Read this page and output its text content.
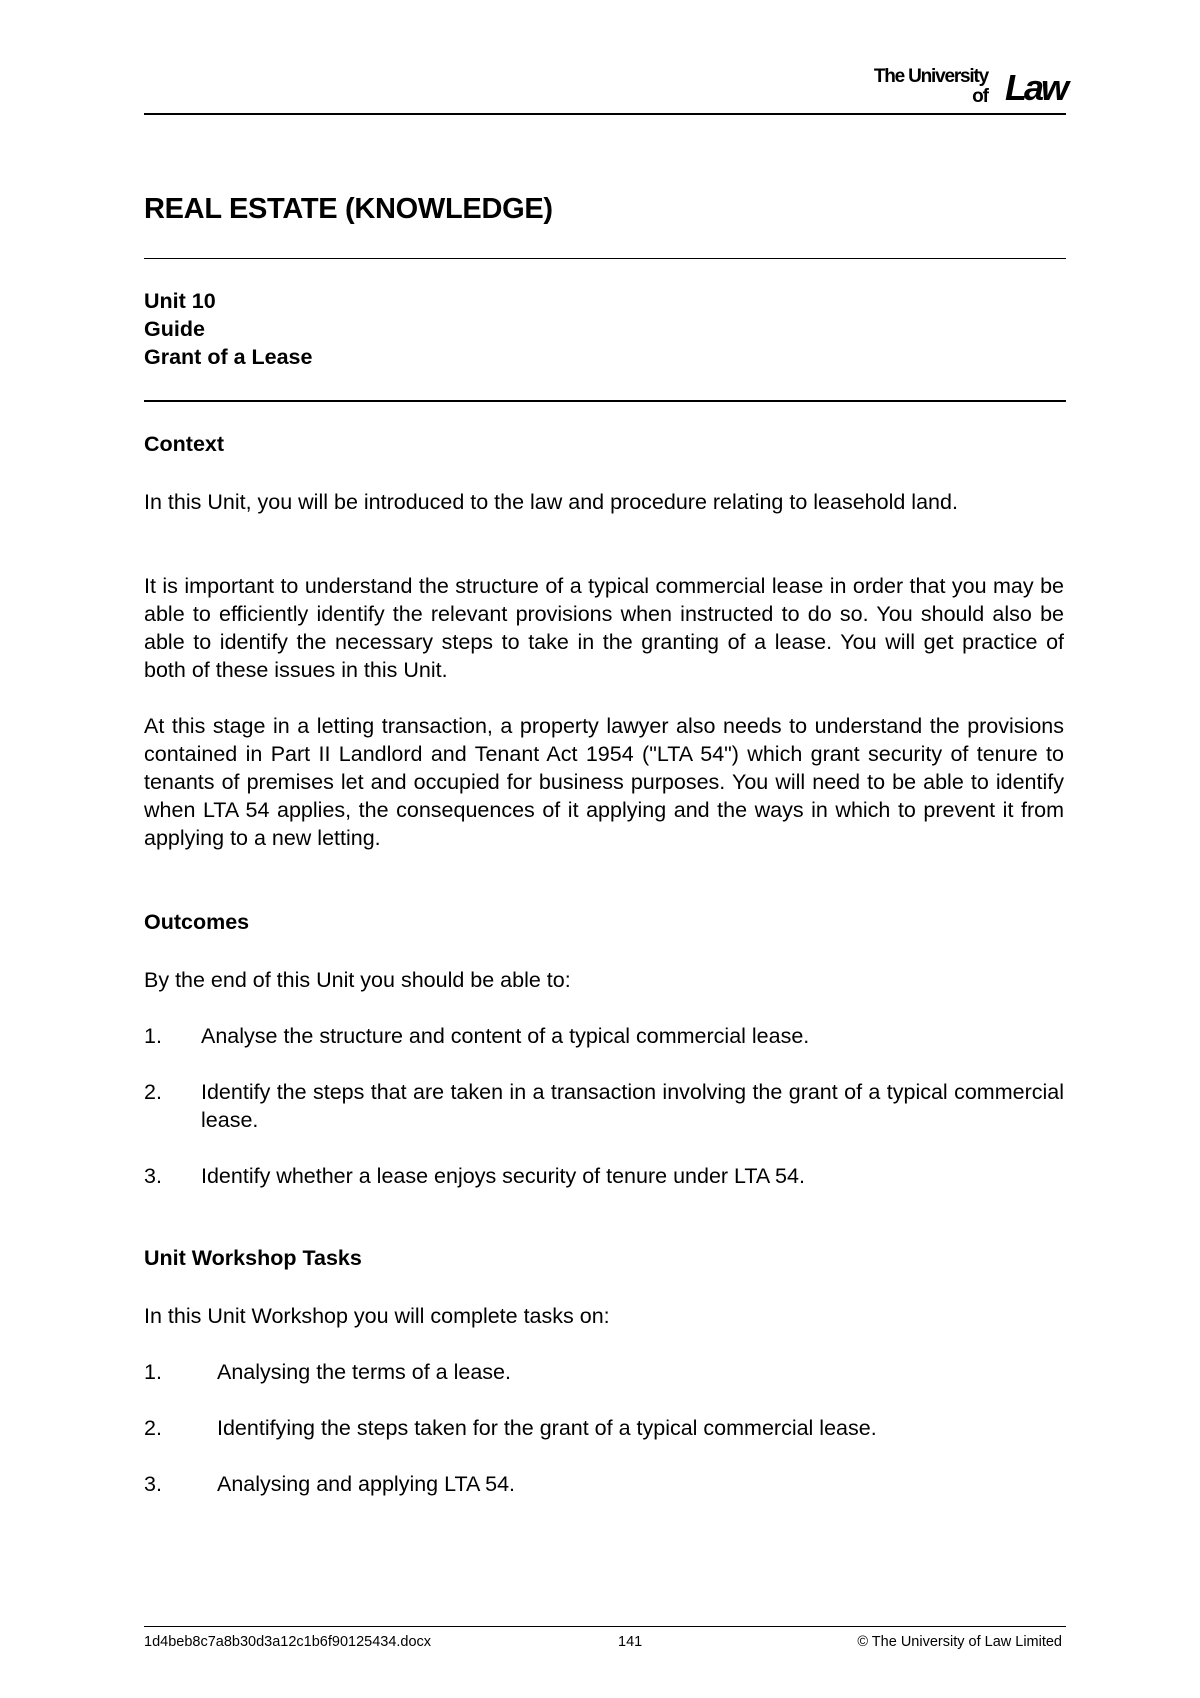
The University
of Law
REAL ESTATE (KNOWLEDGE)
Unit 10
Guide
Grant of a Lease
Context
In this Unit, you will be introduced to the law and procedure relating to leasehold land.
It is important to understand the structure of a typical commercial lease in order that you may be able to efficiently identify the relevant provisions when instructed to do so. You should also be able to identify the necessary steps to take in the granting of a lease. You will get practice of both of these issues in this Unit.
At this stage in a letting transaction, a property lawyer also needs to understand the provisions contained in Part II Landlord and Tenant Act 1954 ("LTA 54") which grant security of tenure to tenants of premises let and occupied for business purposes. You will need to be able to identify when LTA 54 applies, the consequences of it applying and the ways in which to prevent it from applying to a new letting.
Outcomes
By the end of this Unit you should be able to:
1. Analyse the structure and content of a typical commercial lease.
2. Identify the steps that are taken in a transaction involving the grant of a typical commercial lease.
3. Identify whether a lease enjoys security of tenure under LTA 54.
Unit Workshop Tasks
In this Unit Workshop you will complete tasks on:
1.	Analysing the terms of a lease.
2.	Identifying the steps taken for the grant of a typical commercial lease.
3.	Analysing and applying LTA 54.
1d4beb8c7a8b30d3a12c1b6f90125434.docx	141	© The University of Law Limited
